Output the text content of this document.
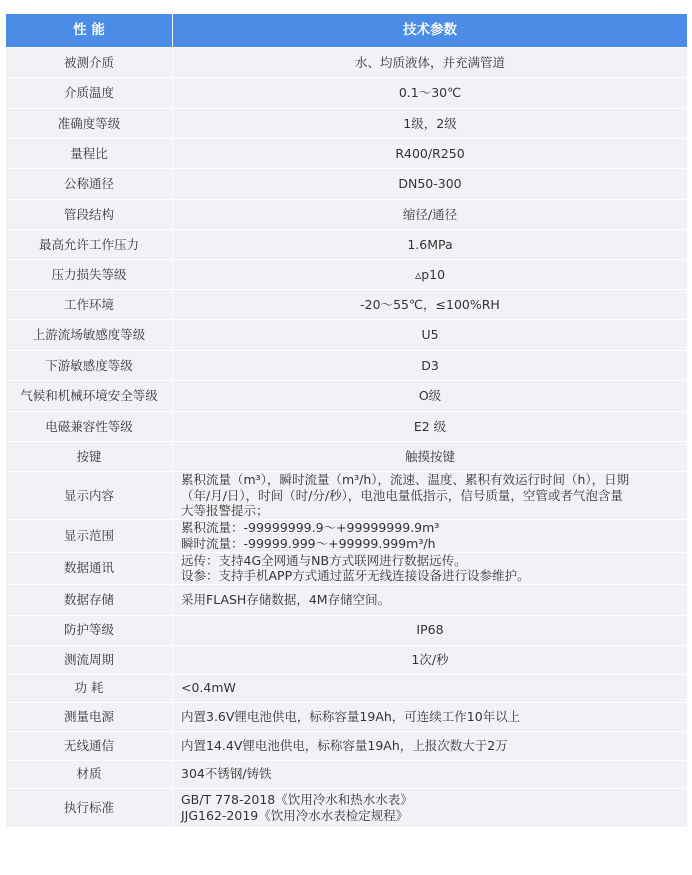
性 能	技术参数
被测介质	水、均质液体，并充满管道

介质温度	0.1～30℃

准确度等级	1级，2级

量程比	R400/R250

公称通径	DN50-300

管段结构	缩径/通径

最高允许工作压力	1.6MPa

压力损失等级	▵p10

工作环境	-20～55℃，≤100%RH

上游流场敏感度等级	U5

下游敏感度等级	D3

气候和机械环境安全等级	O级

电磁兼容性等级	E2 级

按键	触摸按键

显示内容	累积流量（m³），瞬时流量（m³/h），流速、温度、累积有效运行时间（h），日期
（年/月/日），时间（时/分/秒），电池电量低指示，信号质量，空管或者气泡含量
大等报警提示；

显示范围	累积流量：-99999999.9～+99999999.9m³
瞬时流量：-99999.999～+99999.999m³/h

数据通讯	远传：支持4G全网通与NB方式联网进行数据远传。
设参：支持手机APP方式通过蓝牙无线连接设备进行设参维护。

数据存储	采用FLASH存储数据，4M存储空间。

防护等级	IP68

测流周期	1次/秒

功 耗	<0.4mW

测量电源	内置3.6V锂电池供电，标称容量19Ah，可连续工作10年以上

无线通信	内置14.4V锂电池供电，标称容量19Ah，上报次数大于2万

材质	304不锈钢/铸铁

执行标准	GB/T 778-2018《饮用冷水和热水水表》
JJG162-2019《饮用冷水水表检定规程》
